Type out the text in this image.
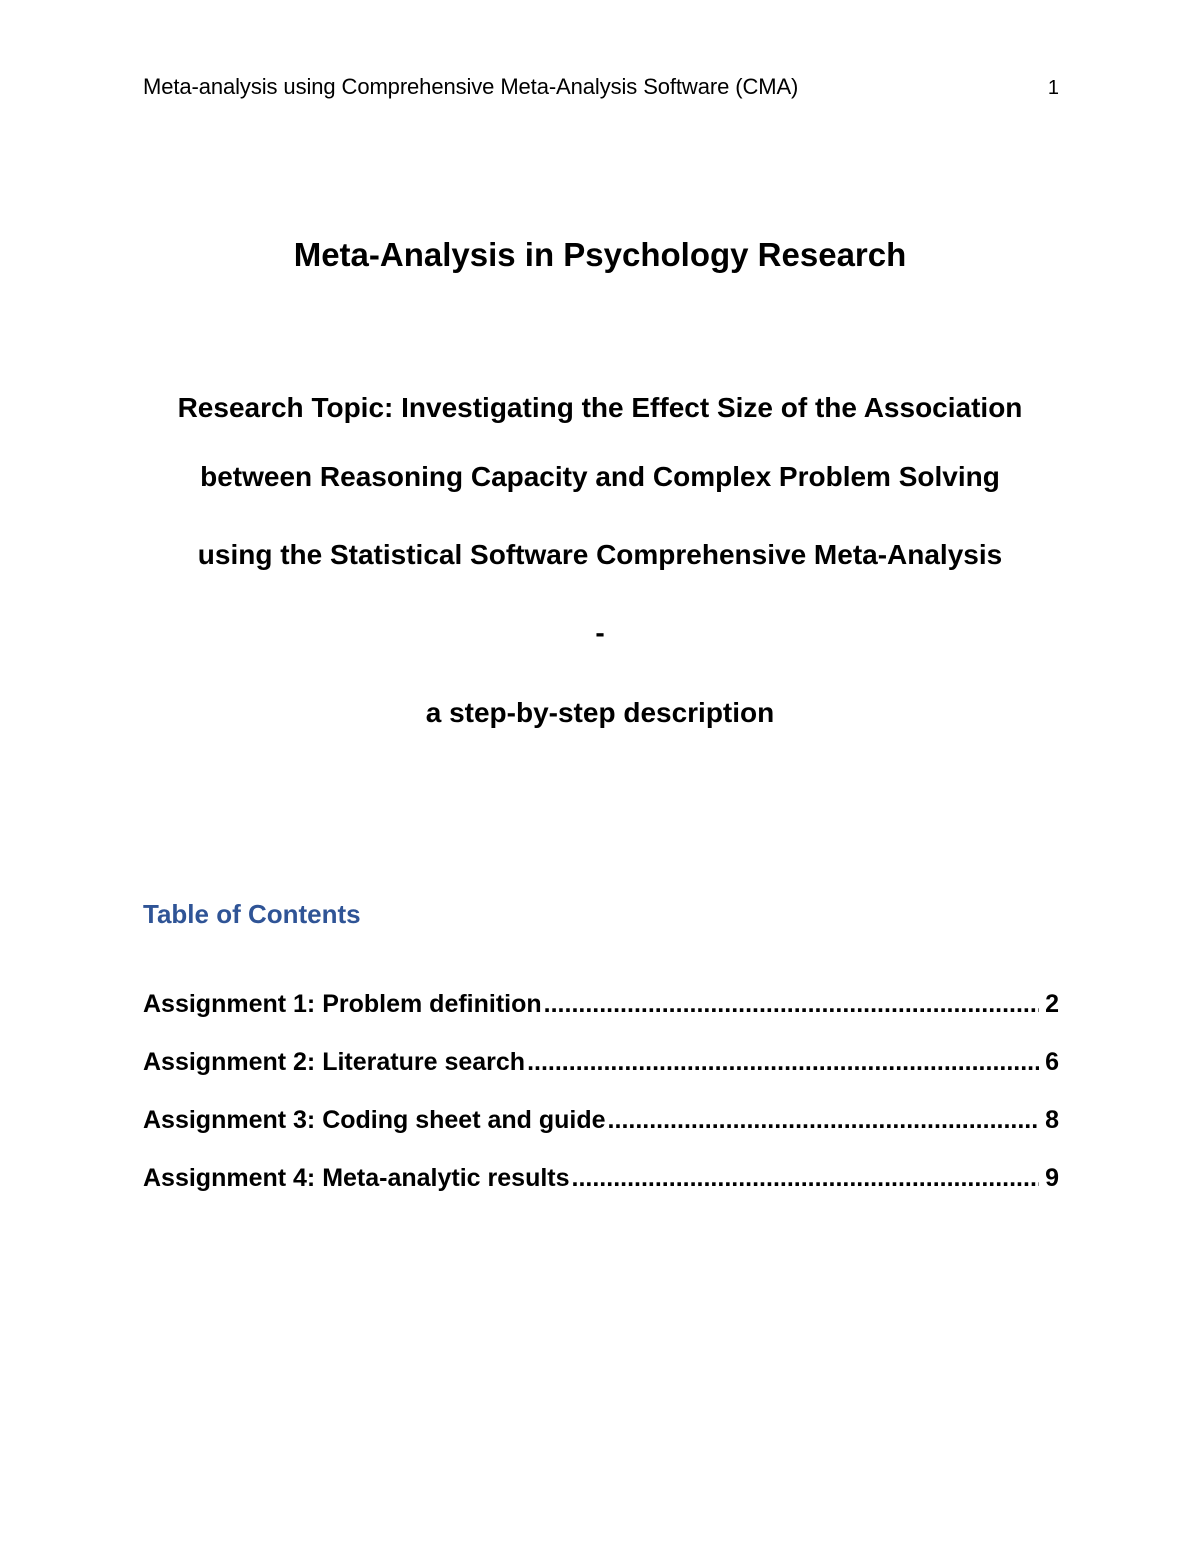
Meta-analysis using Comprehensive Meta-Analysis Software (CMA)	1
Meta-Analysis in Psychology Research
Research Topic: Investigating the Effect Size of the Association
between Reasoning Capacity and Complex Problem Solving
using the Statistical Software Comprehensive Meta-Analysis
-
a step-by-step description
Table of Contents
Assignment 1: Problem definition .....	2
Assignment 2: Literature search .....	6
Assignment 3: Coding sheet and guide .....	8
Assignment 4: Meta-analytic results .....	9
